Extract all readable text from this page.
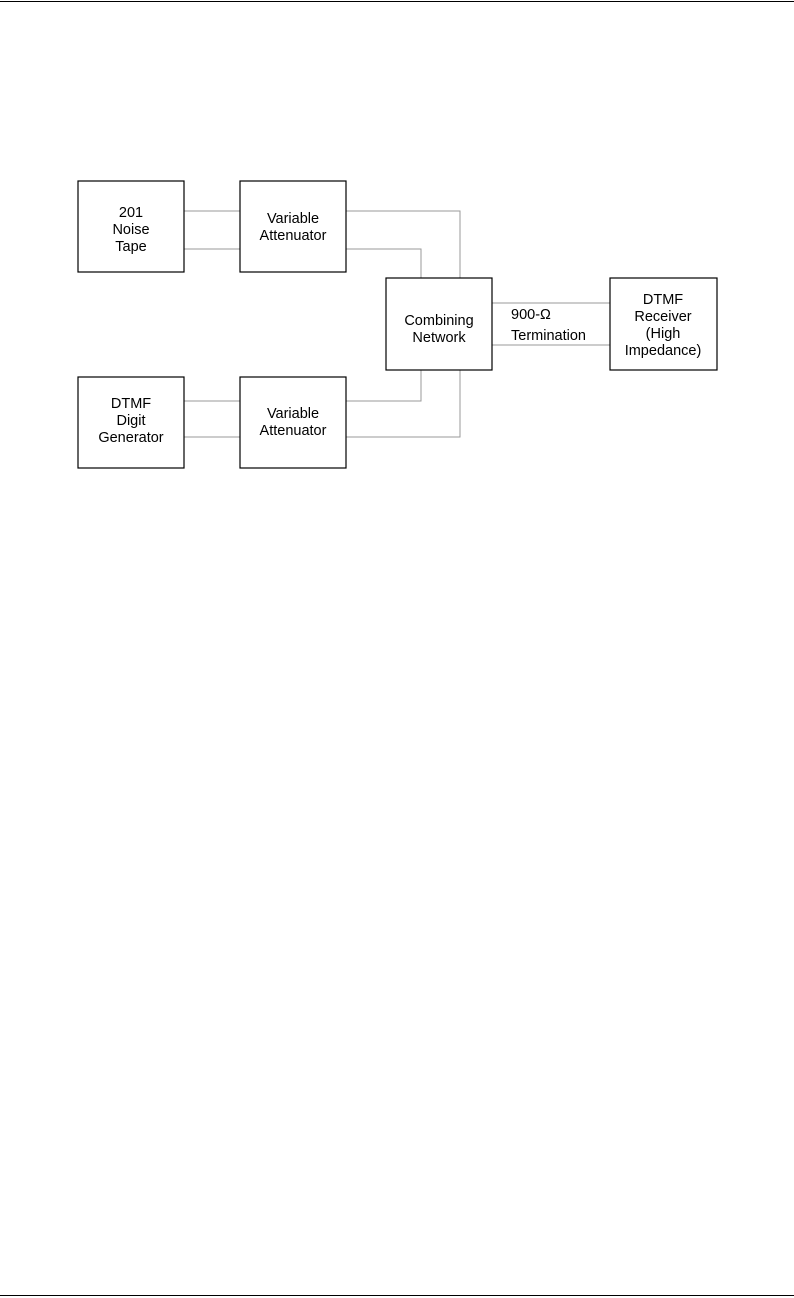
201
Noise
Tape
Variable
Attenuator
DTMF
Digit
Generator
Variable
Attenuator
Combining
Network
900-Ω
Termination
DTMF
Receiver
(High
Impedance)
